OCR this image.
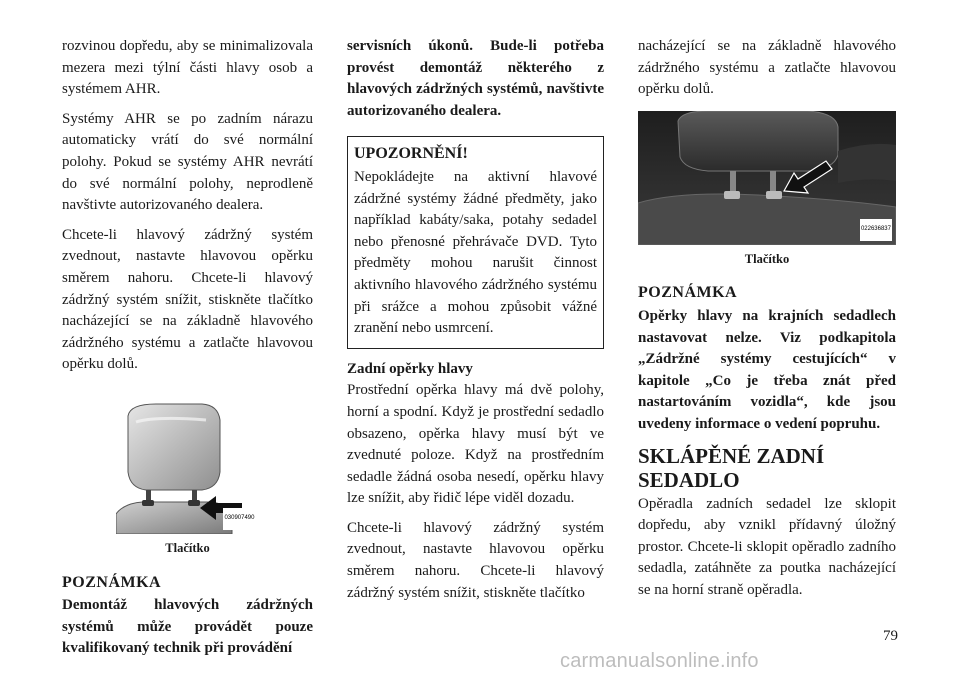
rozvinou dopředu, aby se minimalizovala mezera mezi týlní části hlavy osob a systémem AHR.

Systémy AHR se po zadním nárazu automaticky vrátí do své normální polohy. Pokud se systémy AHR nevrátí do své normální polohy, neprodleně navštivte autorizovaného dealera.

Chcete-li hlavový zádržný systém zvednout, nastavte hlavovou opěrku směrem nahoru. Chcete-li hlavový zádržný systém snížit, stiskněte tlačítko nacházející se na základně hlavového zádržného systému a zatlačte hlavovou opěrku dolů.

030907490
Tlačítko
POZNÁMKA

Demontáž hlavových zádržných systémů může provádět pouze kvalifikovaný technik při provádění

servisních úkonů. Bude-li potřeba provést demontáž některého z hlavových zádržných systémů, navštivte autorizovaného dealera.

UPOZORNĚNÍ!

Nepokládejte na aktivní hlavové zádržné systémy žádné předměty, jako například kabáty/saka, potahy sedadel nebo přenosné přehrávače DVD. Tyto předměty mohou narušit činnost aktivního hlavového zádržného systému při srážce a mohou způsobit vážné zranění nebo usmrcení.

Zadní opěrky hlavy

Prostřední opěrka hlavy má dvě polohy, horní a spodní. Když je prostřední sedadlo obsazeno, opěrka hlavy musí být ve zvednuté poloze. Když na prostředním sedadle žádná osoba nesedí, opěrku hlavy lze snížit, aby řidič lépe viděl dozadu.

Chcete-li hlavový zádržný systém zvednout, nastavte hlavovou opěrku směrem nahoru. Chcete-li hlavový zádržný systém snížit, stiskněte tlačítko

nacházející se na základně hlavového zádržného systému a zatlačte hlavovou opěrku dolů.

022636837
Tlačítko
POZNÁMKA

Opěrky hlavy na krajních sedadlech nastavovat nelze. Viz podkapitola „Zádržné systémy cestujících“ v kapitole „Co je třeba znát před nastartováním vozidla“, kde jsou uvedeny informace o vedení popruhu.

SKLÁPĚNÉ ZADNÍ SEDADLO

Opěradla zadních sedadel lze sklopit dopředu, aby vznikl přídavný úložný prostor. Chcete-li sklopit opěradlo zadního sedadla, zatáhněte za poutka nacházející se na horní straně opěradla.

79
carmanualsonline.info
